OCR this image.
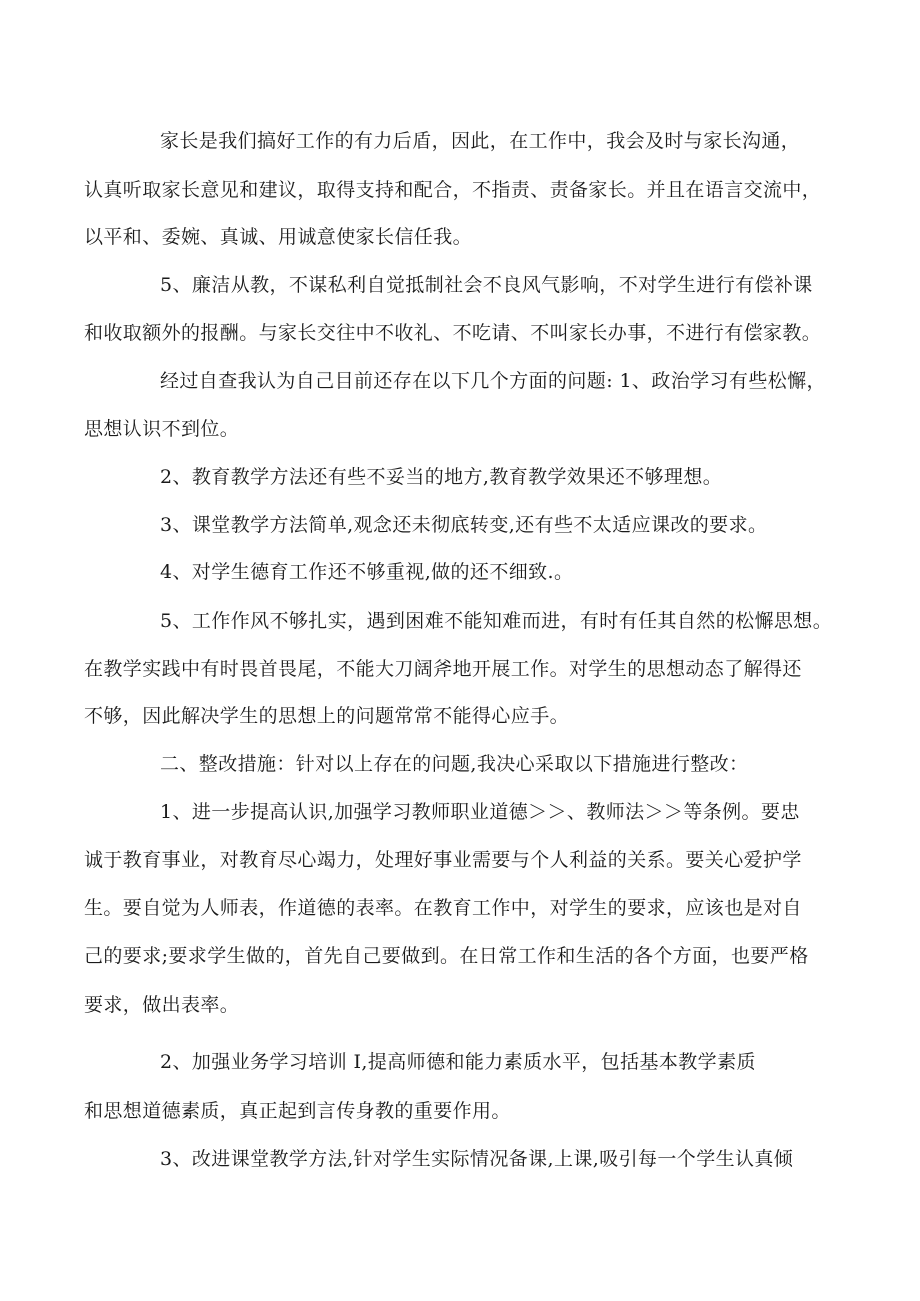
家长是我们搞好工作的有力后盾，因此，在工作中，我会及时与家长沟通，
认真听取家长意见和建议，取得支持和配合，不指责、责备家长。并且在语言交流中，
以平和、委婉、真诚、用诚意使家长信任我。
5、廉洁从教，不谋私利自觉抵制社会不良风气影响，不对学生进行有偿补课
和收取额外的报酬。与家长交往中不收礼、不吃请、不叫家长办事，不进行有偿家教。
经过自查我认为自己目前还存在以下几个方面的问题: 1、政治学习有些松懈，
思想认识不到位。
2、教育教学方法还有些不妥当的地方,教育教学效果还不够理想。
3、课堂教学方法简单,观念还未彻底转变,还有些不太适应课改的要求。
4、对学生德育工作还不够重视,做的还不细致.。
5、工作作风不够扎实，遇到困难不能知难而进，有时有任其自然的松懈思想。
在教学实践中有时畏首畏尾，不能大刀阔斧地开展工作。对学生的思想动态了解得还
不够，因此解决学生的思想上的问题常常不能得心应手。
二、整改措施：针对以上存在的问题,我决心采取以下措施进行整改：
1、进一步提高认识,加强学习教师职业道德＞＞、教师法＞＞等条例。要忠
诚于教育事业，对教育尽心竭力，处理好事业需要与个人利益的关系。要关心爱护学
生。要自觉为人师表，作道德的表率。在教育工作中，对学生的要求，应该也是对自
己的要求;要求学生做的，首先自己要做到。在日常工作和生活的各个方面，也要严格
要求，做出表率。
2、加强业务学习培训 I,提高师德和能力素质水平，包括基本教学素质
和思想道德素质，真正起到言传身教的重要作用。
3、改进课堂教学方法,针对学生实际情况备课,上课,吸引每一个学生认真倾
